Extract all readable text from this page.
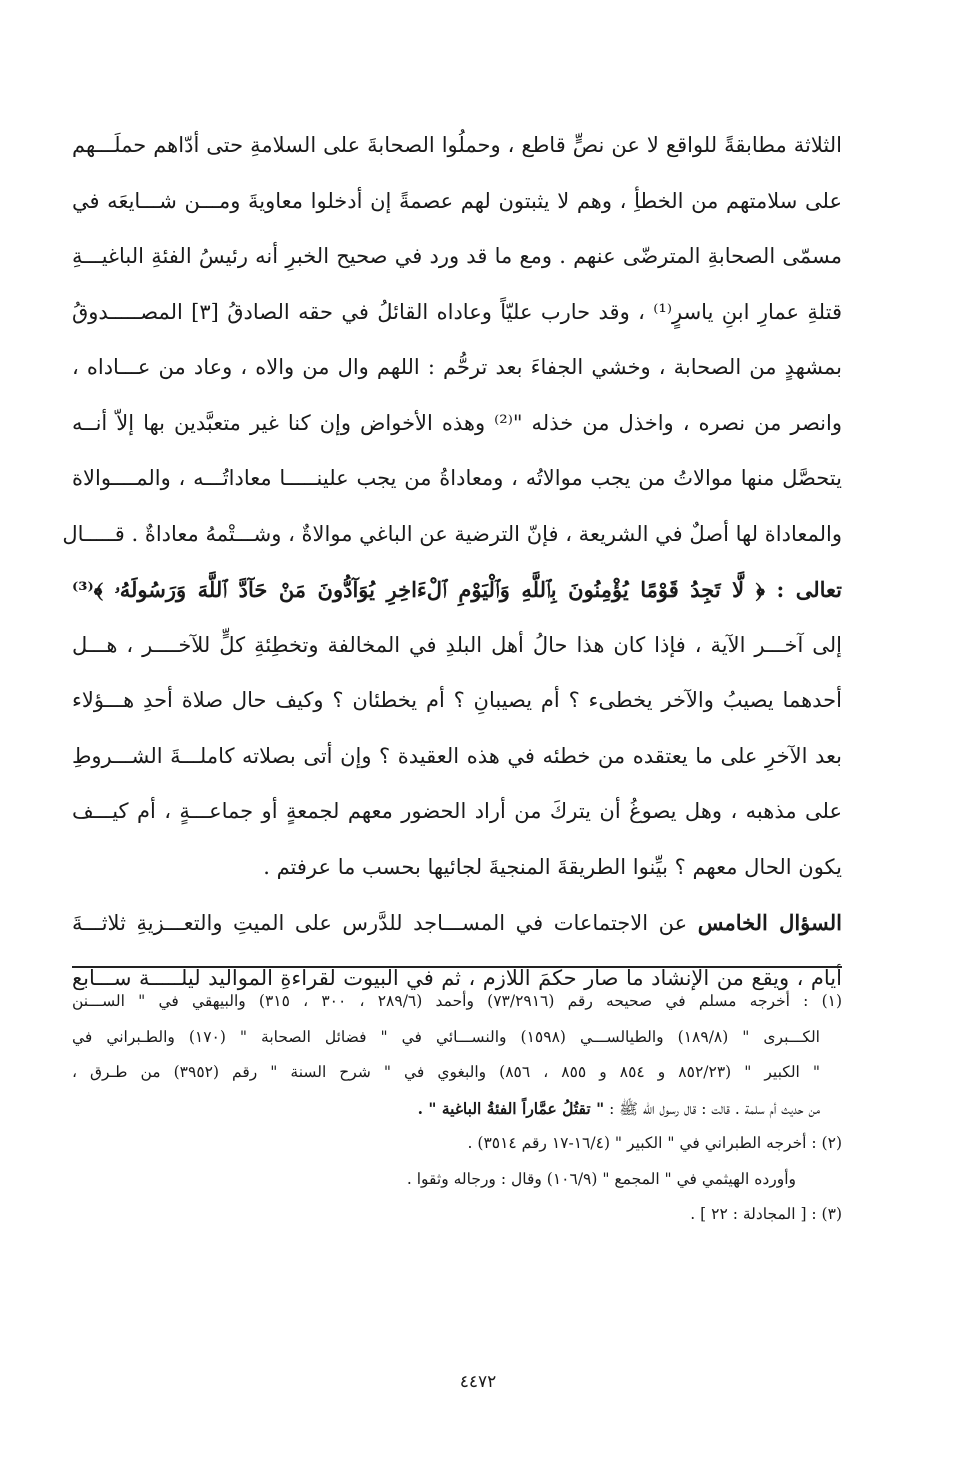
الثلاثة مطابقةً للواقع لا عن نصٍّ قاطع ، وحملُوا الصحابةَ على السلامةِ حتى أدّاهم حملَـــهم
على سلامتهم من الخطأِ ، وهم لا يثبتون لهم عصمةً إن أدخلوا معاويةَ ومـــن شـــايعَه في
مسمّى الصحابةِ المترضّى عنهم . ومع ما قد ورد في صحيح الخبرِ أنه رئيسُ الفئةِ الباغيـــةِ
قتلةِ عمارِ ابنِ ياسرٍ⁽¹⁾ ، وقد حارب عليّاً وعاداه القائلُ في حقه الصادقُ [٣] المصـــــدوقُ
بمشهدٍ من الصحابة ، وخشي الجفاءَ بعد ترحُّم : اللهم وال من والاه ، وعاد من عـــاداه ،
وانصر من نصره ، واخذل من خذله "⁽²⁾ وهذه الأخواض وإن كنا غير متعبَّدين بها إلاّ أنــه
يتحصَّل منها موالاتُ من يجب موالاتُه ، ومعاداةُ من يجب علينـــــا معاداتُـــه ، والمــــوالاة
والمعاداة لها أصلٌ في الشريعة ، فإنّ الترضية عن الباغي موالاةٌ ، وشـــتْمهُ معاداةٌ . قـــــال
تعالى : ﴿ لَّا تَجِدُ قَوْمًا يُؤْمِنُونَ بِٱللَّهِ وَٱلْيَوْمِ ٱلْءَاخِرِ يُوَآدُّونَ مَنْ حَآدَّ ٱللَّهَ وَرَسُولَهُۥ ﴾⁽³⁾
إلى آخـــر الآية ، فإذا كان هذا حالُ أهل البلدِ في المخالفة وتخطِئةِ كلٍّ للآخــــر ، هـــل
أحدهما يصيبُ والآخر يخطىء ؟ أم يصيبانِ ؟ أم يخطئان ؟ وكيف حال صلاة أحدِ هـــؤلاء
بعد الآخرِ على ما يعتقده من خطئه في هذه العقيدة ؟ وإن أتى بصلاته كاملـــةَ الشـــروطِ
على مذهبه ، وهل يصوغُ أن يتركَ من أراد الحضور معهم لجمعةٍ أو جماعـــةٍ ، أم كيـــف
يكون الحال معهم ؟ بيِّنوا الطريقةَ المنجيةَ لجائيها بحسب ما عرفتم .
السؤال الخامس عن الاجتماعات في المســـاجد للدَّرس على الميتِ والتعـــزيةِ ثلاثـــةَ
أيام ، ويقع من الإنشاد ما صار حكمَ اللازم ، ثم في البيوت لقراءةِ المواليد ليلـــــة ســـابع
(١) : أخرجه مسلم في صحيحه رقم (٧٣/٢٩١٦) وأحمد (٢٨٩/٦ ، ٣٠٠ ، ٣١٥) والبيهقي في " الســـنن
الكـــبرى " (١٨٩/٨) والطيالســـي (١٥٩٨) والنســـائي في " فضائل الصحابة " (١٧٠) والطـبراني في
" الكبير " (٨٥٢/٢٣ و ٨٥٤ و ٨٥٥ ، ٨٥٦) والبغوي في " شرح السنة " رقم (٣٩٥٢) من طـرق ،
من حديث أم سلمة . قالت : قال رسول الله ﷺ : " تقتُلُ عمَّاراً الفئةُ الباغية " .
(٢) : أخرجه الطبراني في " الكبير " (١٦/٤-١٧ رقم ٣٥١٤) .
وأورده الهيثمي في " المجمع " (١٠٦/٩) وقال : ورجاله وثقوا .
(٣) : [ المجادلة : ٢٢ ] .
٤٤٧٢
